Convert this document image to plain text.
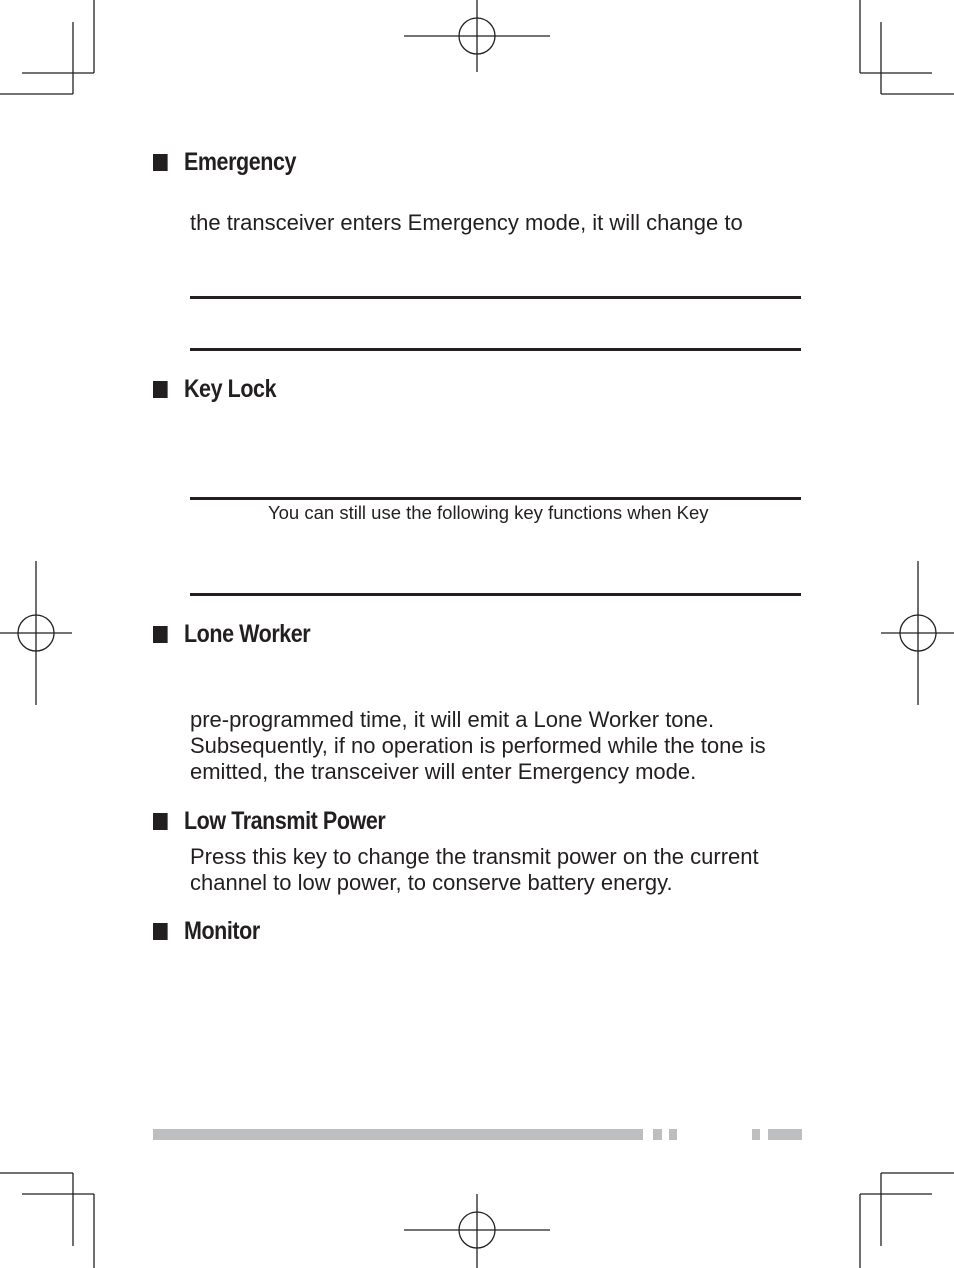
Emergency

the transceiver enters Emergency mode, it will change to

Key Lock

You can still use the following key functions when Key

Lone Worker

pre-programmed time, it will emit a Lone Worker tone.
Subsequently, if no operation is performed while the tone is
emitted, the transceiver will enter Emergency mode.

Low Transmit Power

Press this key to change the transmit power on the current
channel to low power, to conserve battery energy.

Monitor
